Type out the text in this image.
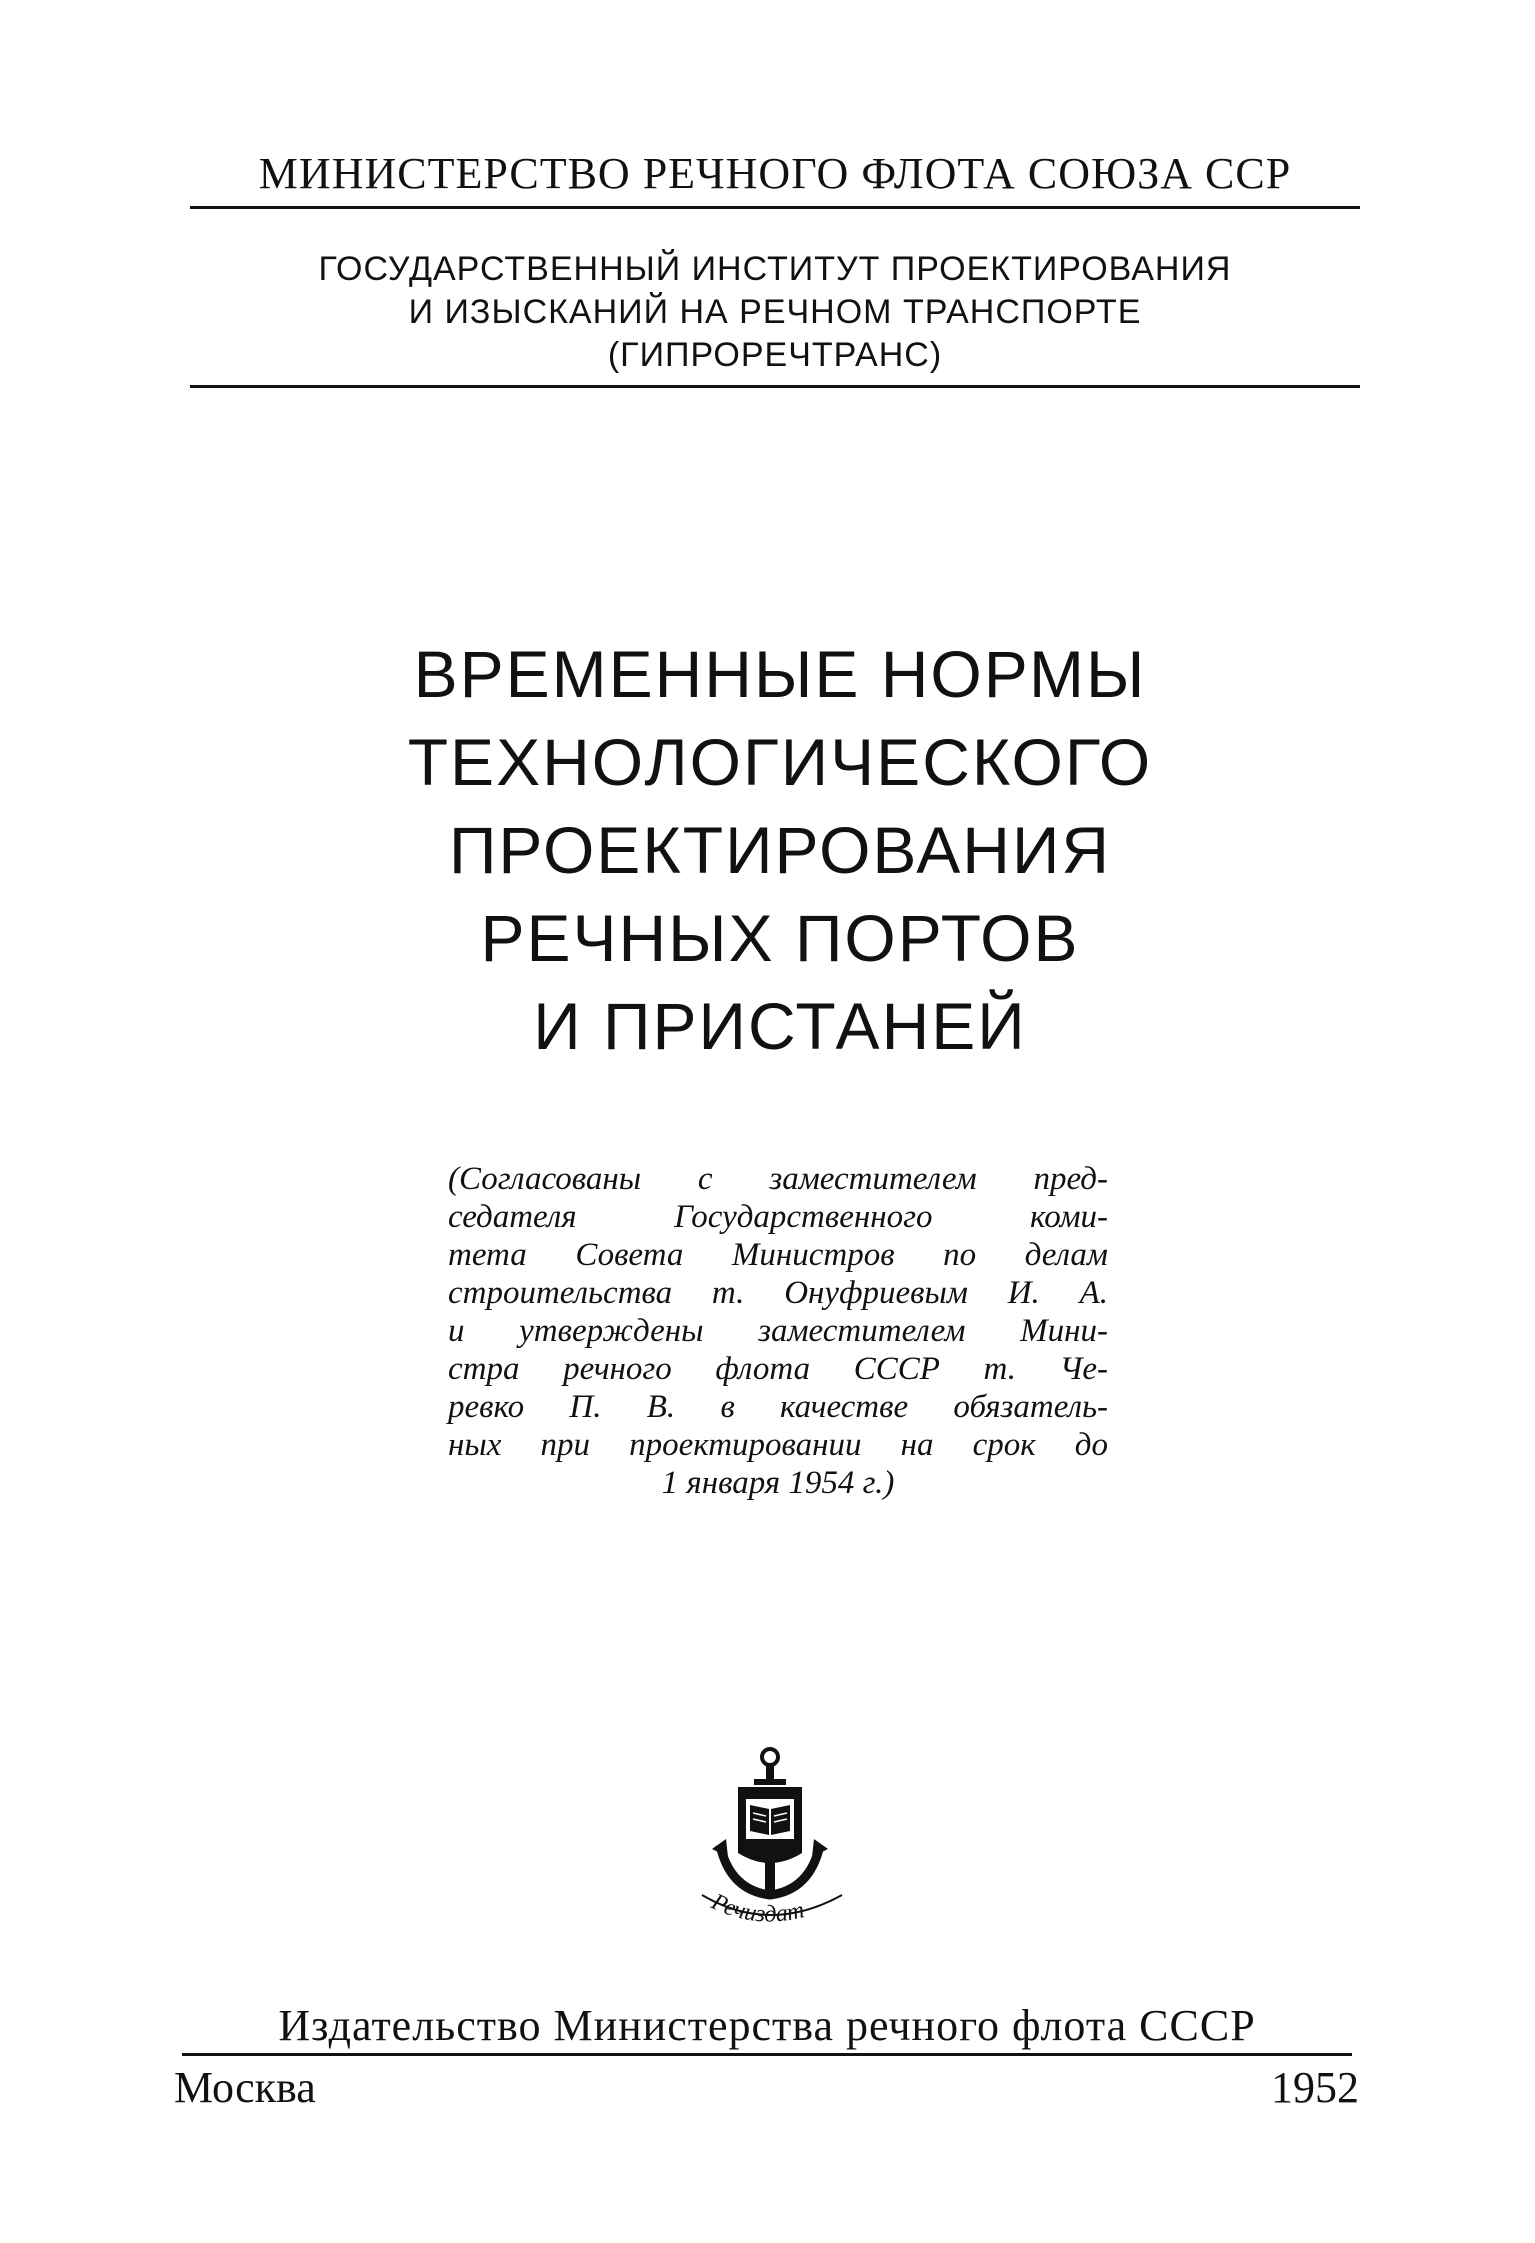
МИНИСТЕРСТВО РЕЧНОГО ФЛОТА СОЮЗА ССР
ГОСУДАРСТВЕННЫЙ ИНСТИТУТ ПРОЕКТИРОВАНИЯ
И ИЗЫСКАНИЙ НА РЕЧНОМ ТРАНСПОРТЕ
(ГИПРОРЕЧТРАНС)
ВРЕМЕННЫЕ НОРМЫ
ТЕХНОЛОГИЧЕСКОГО
ПРОЕКТИРОВАНИЯ
РЕЧНЫХ ПОРТОВ
И ПРИСТАНЕЙ
(Согласованы с заместителем пред-
седателя Государственного коми-
тета Совета Министров по делам
строительства т. Онуфриевым И. А.
и утверждены заместителем Мини-
стра речного флота СССР т. Че-
ревко П. В. в качестве обязатель-
ных при проектировании на срок до
1 января 1954 г.)
Речиздат
Издательство Министерства речного флота СССР
Москва	1952
